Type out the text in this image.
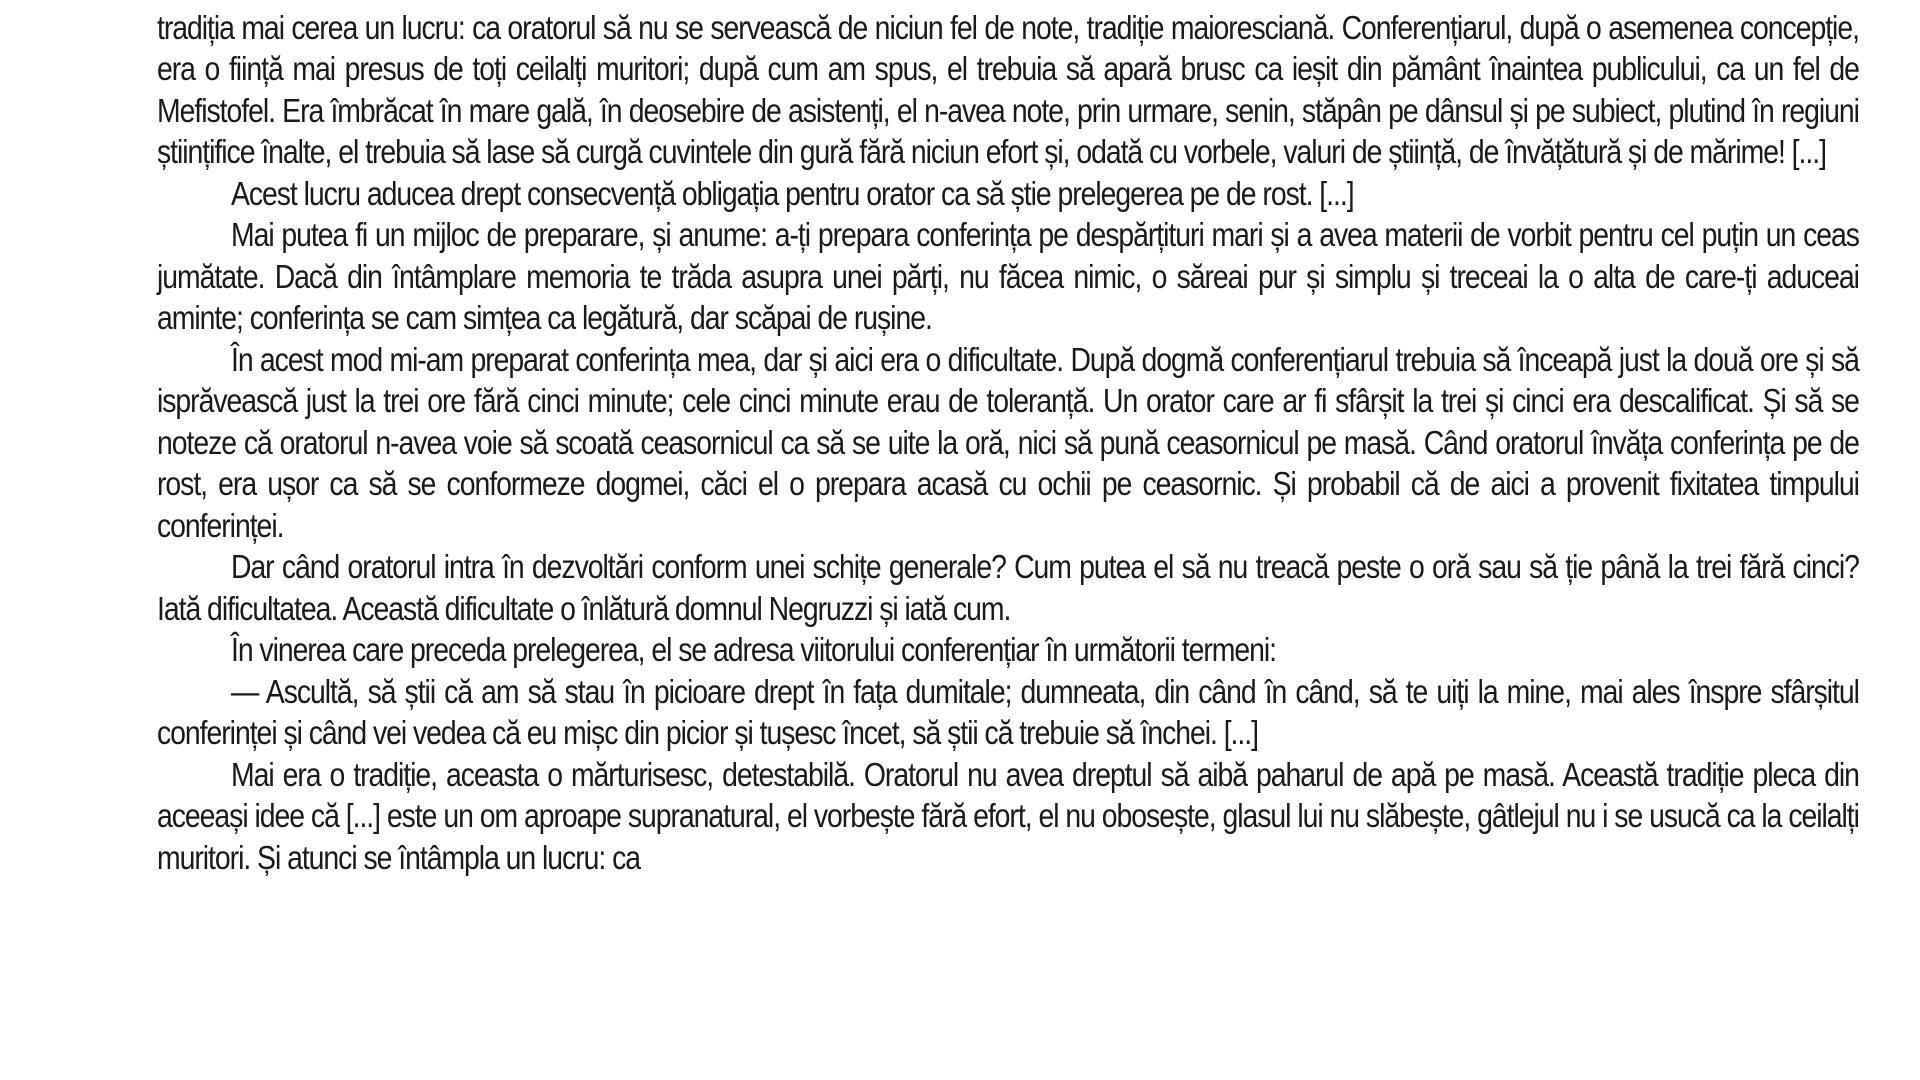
tradiția mai cerea un lucru: ca oratorul să nu se servească de niciun fel de note, tradiție maioresciană. Conferențiarul, după o asemenea concepție, era o ființă mai presus de toți ceilalți muritori; după cum am spus, el trebuia să apară brusc ca ieșit din pământ înaintea publicului, ca un fel de Mefistofel. Era îmbrăcat în mare gală, în deosebire de asistenți, el n-avea note, prin urmare, senin, stăpân pe dânsul și pe subiect, plutind în regiuni științifice înalte, el trebuia să lase să curgă cuvintele din gură fără niciun efort și, odată cu vorbele, valuri de știință, de învățătură și de mărime! [...]

Acest lucru aducea drept consecvență obligația pentru orator ca să știe prelegerea pe de rost. [...]

Mai putea fi un mijloc de preparare, și anume: a-ți prepara conferința pe despărțituri mari și a avea materii de vorbit pentru cel puțin un ceas jumătate. Dacă din întâmplare memoria te trăda asupra unei părți, nu făcea nimic, o săreai pur și simplu și treceai la o alta de care-ți aduceai aminte; conferința se cam simțea ca legătură, dar scăpai de rușine.

În acest mod mi-am preparat conferința mea, dar și aici era o dificultate. După dogmă conferențiarul trebuia să înceapă just la două ore și să isprăvească just la trei ore fără cinci minute; cele cinci minute erau de toleranță. Un orator care ar fi sfârșit la trei și cinci era descalificat. Și să se noteze că oratorul n-avea voie să scoată ceasornicul ca să se uite la oră, nici să pună ceasornicul pe masă. Când oratorul învăța conferința pe de rost, era ușor ca să se conformeze dogmei, căci el o prepara acasă cu ochii pe ceasornic. Și probabil că de aici a provenit fixitatea timpului conferinței.

Dar când oratorul intra în dezvoltări conform unei schițe generale? Cum putea el să nu treacă peste o oră sau să ție până la trei fără cinci? Iată dificultatea. Această dificultate o înlătură domnul Negruzzi și iată cum.

În vinerea care preceda prelegerea, el se adresa viitorului conferențiar în următorii termeni:

— Ascultă, să știi că am să stau în picioare drept în fața dumitale; dumneata, din când în când, să te uiți la mine, mai ales înspre sfârșitul conferinței și când vei vedea că eu mișc din picior și tușesc încet, să știi că trebuie să închei. [...]

Mai era o tradiție, aceasta o mărturisesc, detestabilă. Oratorul nu avea dreptul să aibă paharul de apă pe masă. Această tradiție pleca din aceeași idee că [...] este un om aproape supranatural, el vorbește fără efort, el nu obosește, glasul lui nu slăbește, gâtlejul nu i se usucă ca la ceilalți muritori. Și atunci se întâmpla un lucru: ca
